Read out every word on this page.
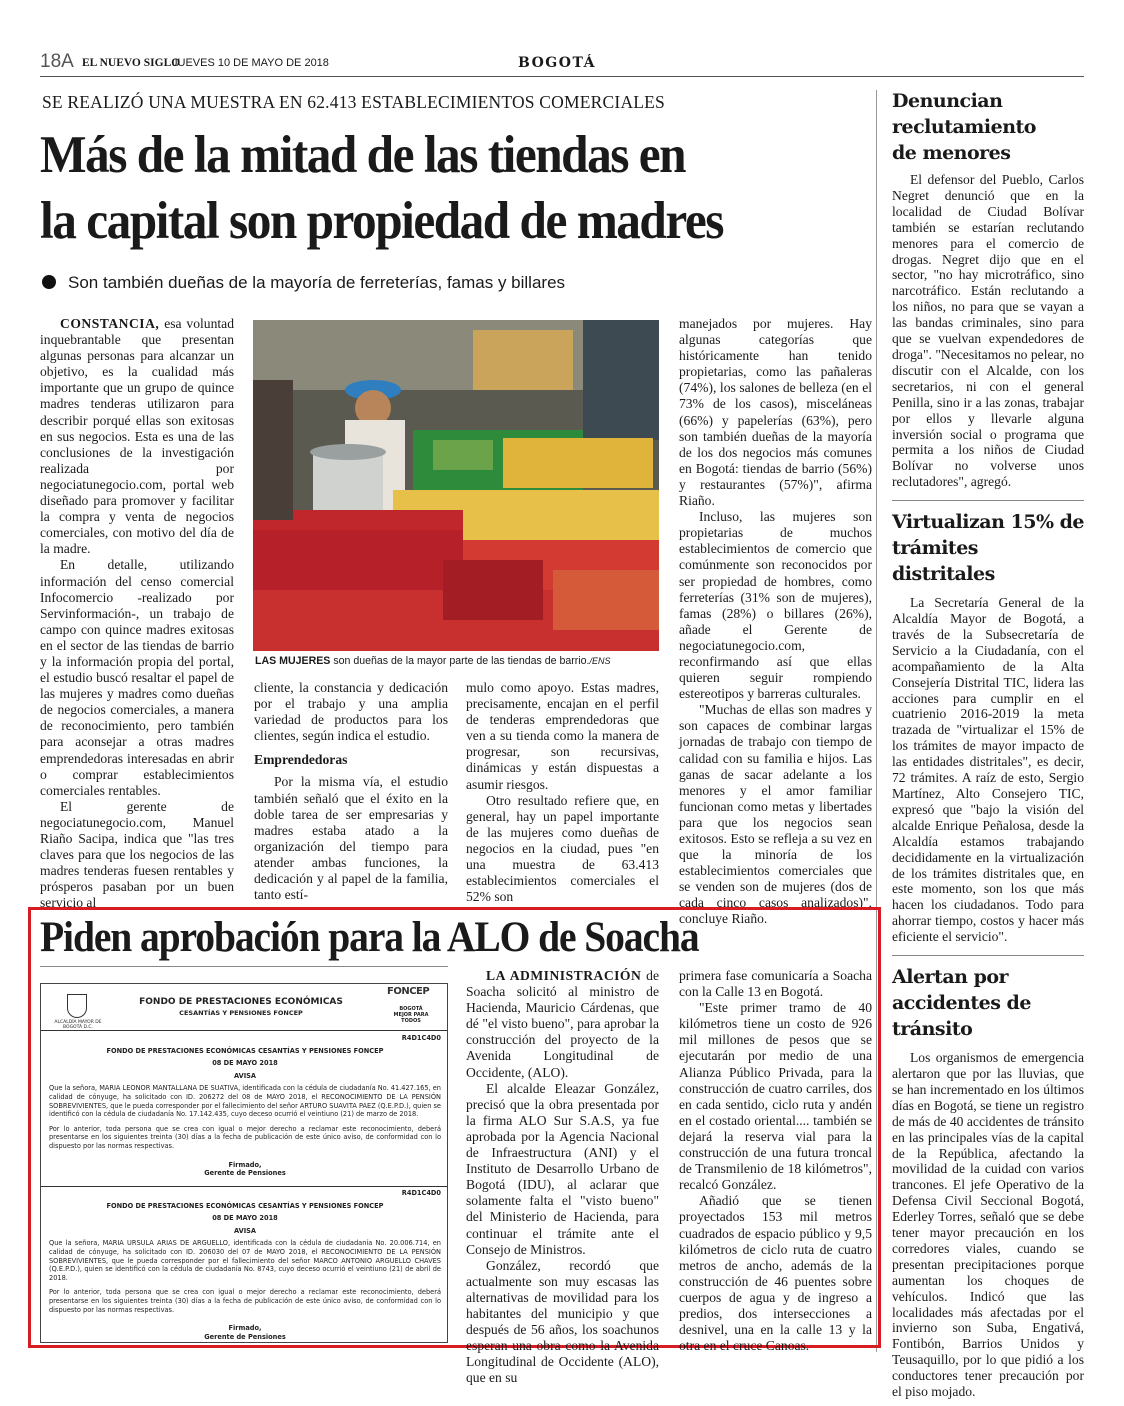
18A EL NUEVO SIGLO
JUEVES 10 DE MAYO DE 2018	BOGOTÁ
SE REALIZÓ UNA MUESTRA EN 62.413 ESTABLECIMIENTOS COMERCIALES
Más de la mitad de las tiendas en
la capital son propiedad de madres
Son también dueñas de la mayoría de ferreterías, famas y billares

CONSTANCIA, esa voluntad inquebrantable que presentan algunas personas para alcanzar un objetivo, es la cualidad más importante que un grupo de quince madres tenderas utilizaron para describir porqué ellas son exitosas en sus negocios. Esta es una de las conclusiones de la investigación realizada por negociatunegocio.com, portal web diseñado para promover y facilitar la compra y venta de negocios comerciales, con motivo del día de la madre.

En detalle, utilizando información del censo comercial Infocomercio -realizado por Servinformación-, un trabajo de campo con quince madres exitosas en el sector de las tiendas de barrio y la información propia del portal, el estudio buscó resaltar el papel de las mujeres y madres como dueñas de negocios comerciales, a manera de reconocimiento, pero también para aconsejar a otras madres emprendedoras interesadas en abrir o comprar establecimientos comerciales rentables.

El gerente de negociatunegocio.com, Manuel Riaño Sacipa, indica que "las tres claves para que los negocios de las madres tenderas fuesen rentables y prósperos pasaban por un buen servicio al

LAS MUJERES son dueñas de la mayor parte de las tiendas de barrio./ENS

cliente, la constancia y dedicación por el trabajo y una amplia variedad de productos para los clientes, según indica el estudio.

Emprendedoras

Por la misma vía, el estudio también señaló que el éxito en la doble tarea de ser empresarias y madres estaba atado a la organización del tiempo para atender ambas funciones, la dedicación y al papel de la familia, tanto estí-

mulo como apoyo. Estas madres, precisamente, encajan en el perfil de tenderas emprendedoras que ven a su tienda como la manera de progresar, son recursivas, dinámicas y están dispuestas a asumir riesgos.

Otro resultado refiere que, en general, hay un papel importante de las mujeres como dueñas de negocios en la ciudad, pues "en una muestra de 63.413 establecimientos comerciales el 52% son

manejados por mujeres. Hay algunas categorías que históricamente han tenido propietarias, como las pañaleras (74%), los salones de belleza (en el 73% de los casos), misceláneas (66%) y papelerías (63%), pero son también dueñas de la mayoría de los dos negocios más comunes en Bogotá: tiendas de barrio (56%) y restaurantes (57%)", afirma Riaño.

Incluso, las mujeres son propietarias de muchos establecimientos de comercio que comúnmente son reconocidos por ser propiedad de hombres, como ferreterías (31% son de mujeres), famas (28%) o billares (26%), añade el Gerente de negociatunegocio.com, reconfirmando así que ellas quieren seguir rompiendo estereotipos y barreras culturales.

"Muchas de ellas son madres y son capaces de combinar largas jornadas de trabajo con tiempo de calidad con su familia e hijos. Las ganas de sacar adelante a los menores y el amor familiar funcionan como metas y libertades para que los negocios sean exitosos. Esto se refleja a su vez en que la minoría de los establecimientos comerciales que se venden son de mujeres (dos de cada cinco casos analizados)", concluye Riaño.

Denuncian reclutamiento de menores
El defensor del Pueblo, Carlos Negret denunció que en la localidad de Ciudad Bolívar también se estarían reclutando menores para el comercio de drogas. Negret dijo que en el sector, "no hay microtráfico, sino narcotráfico. Están reclutando a los niños, no para que se vayan a las bandas criminales, sino para que se vuelvan expendedores de droga". "Necesitamos no pelear, no discutir con el Alcalde, con los secretarios, ni con el general Penilla, sino ir a las zonas, trabajar por ellos y llevarle alguna inversión social o programa que permita a los niños de Ciudad Bolívar no volverse unos reclutadores", agregó.
Virtualizan 15% de trámites distritales
La Secretaría General de la Alcaldía Mayor de Bogotá, a través de la Subsecretaría de Servicio a la Ciudadanía, con el acompañamiento de la Alta Consejería Distrital TIC, lidera las acciones para cumplir en el cuatrienio 2016-2019 la meta trazada de "virtualizar el 15% de los trámites de mayor impacto de las entidades distritales", es decir, 72 trámites. A raíz de esto, Sergio Martínez, Alto Consejero TIC, expresó que "bajo la visión del alcalde Enrique Peñalosa, desde la Alcaldía estamos trabajando decididamente en la virtualización de los trámites distritales que, en este momento, son los que más hacen los ciudadanos. Todo para ahorrar tiempo, costos y hacer más eficiente el servicio".
Alertan por accidentes de tránsito
Los organismos de emergencia alertaron que por las lluvias, que se han incrementado en los últimos días en Bogotá, se tiene un registro de más de 40 accidentes de tránsito en las principales vías de la capital de la República, afectando la movilidad de la cuidad con varios trancones. El jefe Operativo de la Defensa Civil Seccional Bogotá, Ederley Torres, señaló que se debe tener mayor precaución en los corredores viales, cuando se presentan precipitaciones porque aumentan los choques de vehículos. Indicó que las localidades más afectadas por el invierno son Suba, Engativá, Fontibón, Barrios Unidos y Teusaquillo, por lo que pidió a los conductores tener precaución por el piso mojado.
Piden aprobación para la ALO de Soacha
ALCALDÍA MAYOR DE BOGOTÁ D.C.
FONDO DE PRESTACIONES ECONÓMICAS
CESANTÍAS Y PENSIONES FONCEP
FONCEP
BOGOTÁ MEJOR PARA TODOS
R4D1C4D0
FONDO DE PRESTACIONES ECONÓMICAS CESANTÍAS Y PENSIONES FONCEP
08 DE MAYO 2018
AVISA
Que la señora, MARIA LEONOR MANTALLANA DE SUATIVA, identificada con la cédula de ciudadanía No. 41.427.165, en calidad de cónyuge, ha solicitado con ID. 206272 del 08 de MAYO 2018, el RECONOCIMIENTO DE LA PENSIÓN SOBREVIVIENTES, que le pueda corresponder por el fallecimiento del señor ARTURO SUAVITA PAEZ (Q.E.P.D.), quien se identificó con la cédula de ciudadanía No. 17.142.435, cuyo deceso ocurrió el veintiuno (21) de marzo de 2018.
Por lo anterior, toda persona que se crea con igual o mejor derecho a reclamar este reconocimiento, deberá presentarse en los siguientes treinta (30) días a la fecha de publicación de este único aviso, de conformidad con lo dispuesto por las normas respectivas.
Firmado,
Gerente de Pensiones
R4D1C4D0
FONDO DE PRESTACIONES ECONÓMICAS CESANTÍAS Y PENSIONES FONCEP
08 DE MAYO 2018
AVISA
Que la señora, MARIA URSULA ARIAS DE ARGUELLO, identificada con la cédula de ciudadanía No. 20.006.714, en calidad de cónyuge, ha solicitado con ID. 206030 del 07 de MAYO 2018, el RECONOCIMIENTO DE LA PENSIÓN SOBREVIVIENTES, que le pueda corresponder por el fallecimiento del señor MARCO ANTONIO ARGUELLO CHAVES (Q.E.P.D.), quien se identificó con la cédula de ciudadanía No. 8743, cuyo deceso ocurrió el veintiuno (21) de abril de 2018.
Por lo anterior, toda persona que se crea con igual o mejor derecho a reclamar este reconocimiento, deberá presentarse en los siguientes treinta (30) días a la fecha de publicación de este único aviso, de conformidad con lo dispuesto por las normas respectivas.
Firmado,
Gerente de Pensiones

LA ADMINISTRACIÓN de Soacha solicitó al ministro de Hacienda, Mauricio Cárdenas, que dé "el visto bueno", para aprobar la construcción del proyecto de la Avenida Longitudinal de Occidente, (ALO).

El alcalde Eleazar González, precisó que la obra presentada por la firma ALO Sur S.A.S, ya fue aprobada por la Agencia Nacional de Infraestructura (ANI) y el Instituto de Desarrollo Urbano de Bogotá (IDU), al aclarar que solamente falta el "visto bueno" del Ministerio de Hacienda, para continuar el trámite ante el Consejo de Ministros.

González, recordó que actualmente son muy escasas las alternativas de movilidad para los habitantes del municipio y que después de 56 años, los soachunos esperan una obra como la Avenida Longitudinal de Occidente (ALO), que en su

primera fase comunicaría a Soacha con la Calle 13 en Bogotá.

"Este primer tramo de 40 kilómetros tiene un costo de 926 mil millones de pesos que se ejecutarán por medio de una Alianza Público Privada, para la construcción de cuatro carriles, dos en cada sentido, ciclo ruta y andén en el costado oriental.... también se dejará la reserva vial para la construcción de una futura troncal de Transmilenio de 18 kilómetros", recalcó González.

Añadió que se tienen proyectados 153 mil metros cuadrados de espacio público y 9,5 kilómetros de ciclo ruta de cuatro metros de ancho, además de la construcción de 46 puentes sobre cuerpos de agua y de ingreso a predios, dos intersecciones a desnivel, una en la calle 13 y la otra en el cruce Canoas.
